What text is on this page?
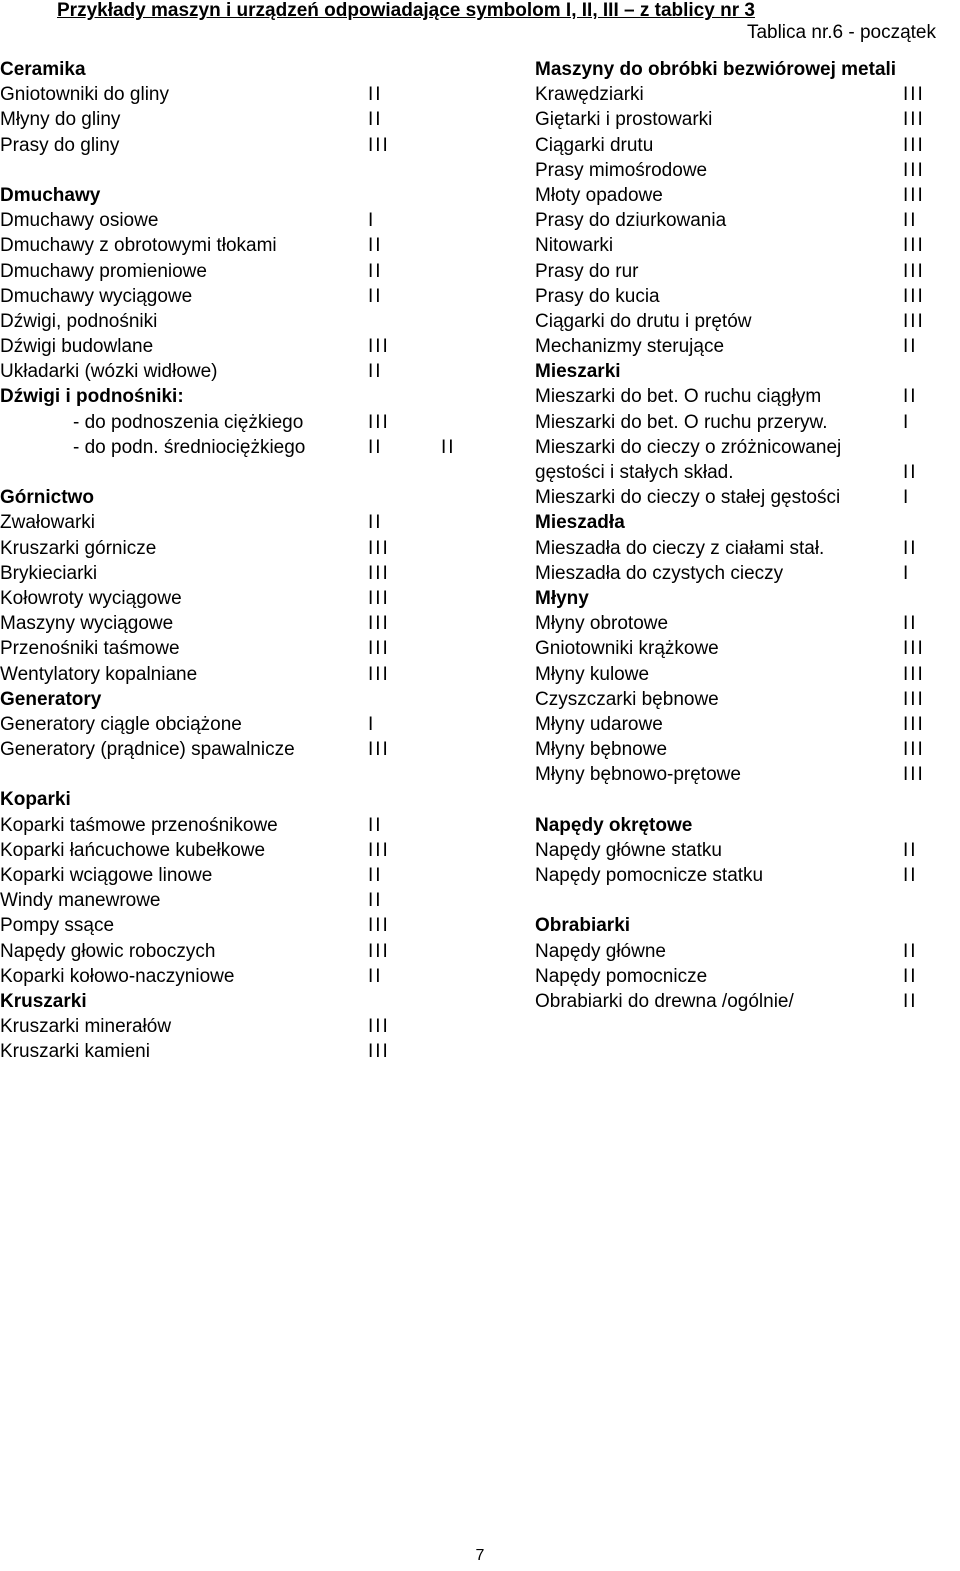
Przykłady maszyn i urządzeń odpowiadające symbolom I, II, III – z tablicy nr 3

Tablica nr.6 - początek

Ceramika
Gniotowniki do gliny	II
Młyny do gliny	II
Prasy do gliny	III
Dmuchawy
Dmuchawy osiowe	I
Dmuchawy z obrotowymi tłokami	II
Dmuchawy promieniowe	II
Dmuchawy wyciągowe	II
Dźwigi, podnośniki
Dźwigi budowlane	III
Układarki (wózki widłowe)	II
Dźwigi i podnośniki:
- do podnoszenia ciężkiego	III
- do podn. średniociężkiego	II	II
Górnictwo
Zwałowarki	II
Kruszarki górnicze	III
Brykieciarki	III
Kołowroty wyciągowe	III
Maszyny wyciągowe	III
Przenośniki taśmowe	III
Wentylatory kopalniane	III
Generatory
Generatory ciągle obciążone	I
Generatory (prądnice) spawalnicze	III
Koparki
Koparki taśmowe przenośnikowe	II
Koparki łańcuchowe kubełkowe	III
Koparki wciągowe linowe	II
Windy manewrowe	II
Pompy ssące	III
Napędy głowic roboczych	III
Koparki kołowo-naczyniowe	II
Kruszarki
Kruszarki minerałów	III
Kruszarki kamieni	III
Maszyny do obróbki bezwiórowej metali
Krawędziarki	III
Giętarki i prostowarki	III
Ciągarki drutu	III
Prasy mimośrodowe	III
Młoty opadowe	III
Prasy do dziurkowania	II
Nitowarki	III
Prasy do rur	III
Prasy do kucia	III
Ciągarki do drutu i prętów	III
Mechanizmy sterujące	II
Mieszarki
Mieszarki do bet. O ruchu ciągłym	II
Mieszarki do bet. O ruchu przeryw.	I
Mieszarki do cieczy o zróżnicowanej
gęstości i stałych skład.	II
Mieszarki do cieczy o stałej gęstości	I
Mieszadła
Mieszadła do cieczy z ciałami stał.	II
Mieszadła do czystych cieczy	I
Młyny
Młyny obrotowe	II
Gniotowniki krążkowe	III
Młyny kulowe	III
Czyszczarki bębnowe	III
Młyny udarowe	III
Młyny bębnowe	III
Młyny bębnowo-prętowe	III
Napędy okrętowe
Napędy główne statku	II
Napędy pomocnicze statku	II
Obrabiarki
Napędy główne	II
Napędy pomocnicze	II
Obrabiarki do drewna /ogólnie/	II

7
